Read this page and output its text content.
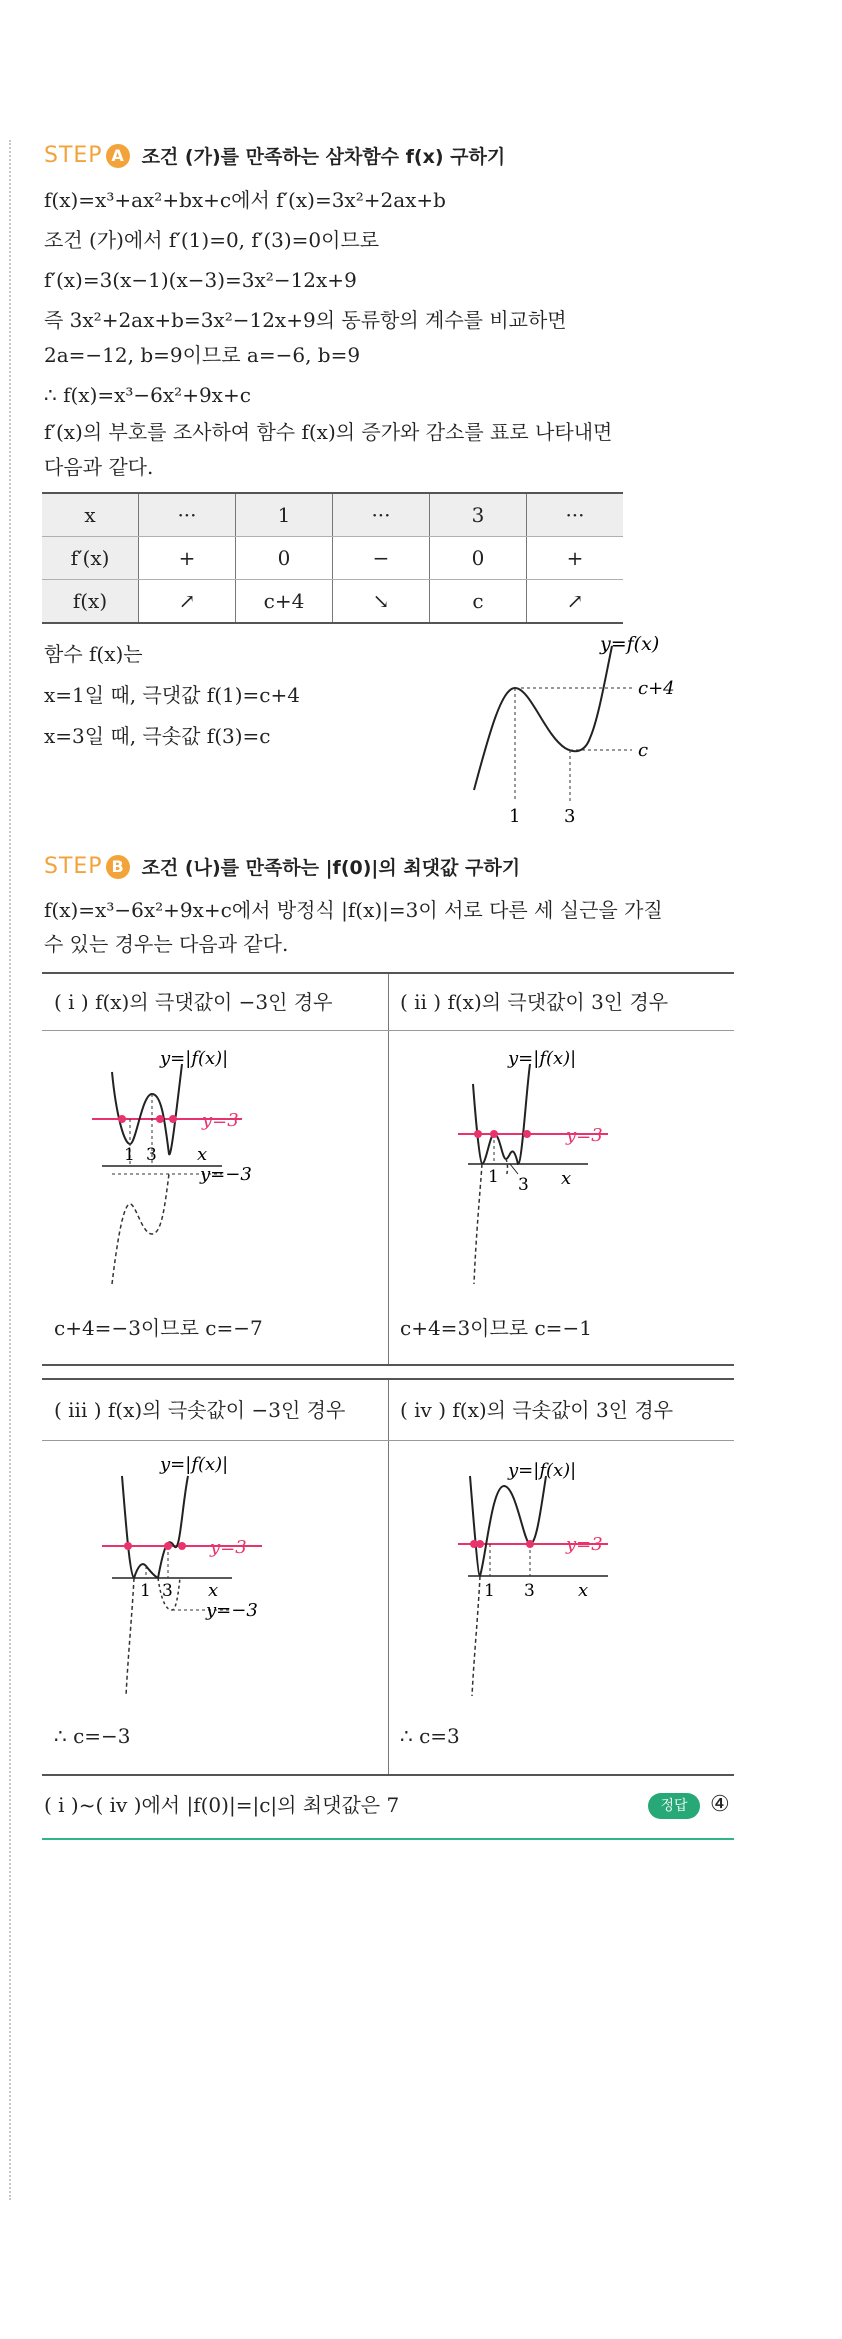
STEP A 조건 (가)를 만족하는 삼차함수 f(x) 구하기
f(x)=x³+ax²+bx+c에서 f′(x)=3x²+2ax+b
조건 (가)에서 f′(1)=0, f′(3)=0이므로
f′(x)=3(x−1)(x−3)=3x²−12x+9
즉 3x²+2ax+b=3x²−12x+9의 동류항의 계수를 비교하면
2a=−12, b=9이므로 a=−6, b=9
∴ f(x)=x³−6x²+9x+c
f′(x)의 부호를 조사하여 함수 f(x)의 증가와 감소를 표로 나타내면
다음과 같다.
x	···	1	···	3	···
f′(x)	+	0	−	0	+
f(x)	↗	c+4	↘	c	↗
함수 f(x)는
x=1일 때, 극댓값 f(1)=c+4
x=3일 때, 극솟값 f(3)=c
y=f(x)
c+4
c
1 3
STEP B 조건 (나)를 만족하는 |f(0)|의 최댓값 구하기
f(x)=x³−6x²+9x+c에서 방정식 |f(x)|=3이 서로 다른 세 실근을 가질
수 있는 경우는 다음과 같다.
( i ) f(x)의 극댓값이 −3인 경우	( ii ) f(x)의 극댓값이 3인 경우
y=|f(x)|
y=3
y=−3
x
1 3
y=|f(x)|
y=3
x
1 3
c+4=−3이므로 c=−7	c+4=3이므로 c=−1
( iii ) f(x)의 극솟값이 −3인 경우	( iv ) f(x)의 극솟값이 3인 경우
y=|f(x)|
y=3
y=−3
x
1 3
y=|f(x)|
y=3
x
1 3
∴ c=−3	∴ c=3
( i )~( iv )에서 |f(0)|=|c|의 최댓값은 7	정답	④
